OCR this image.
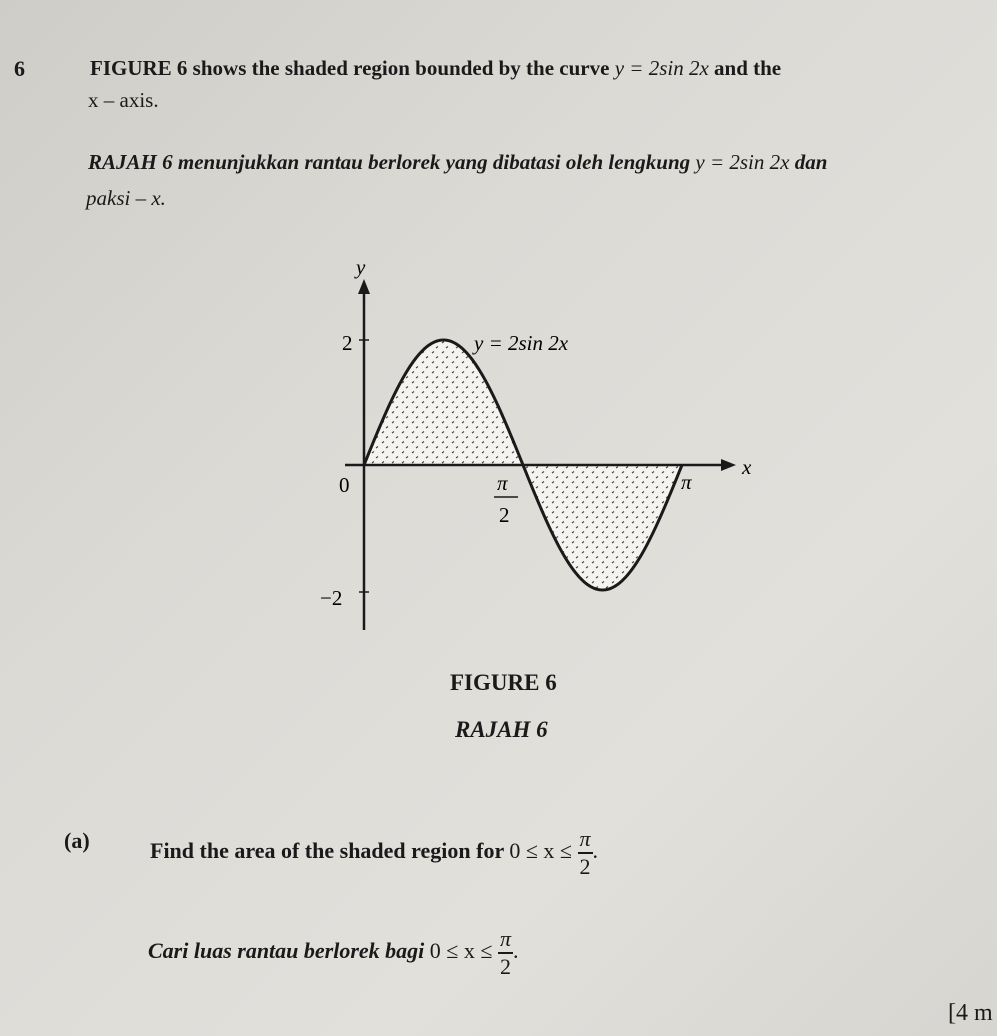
6	FIGURE 6 shows the shaded region bounded by the curve y = 2sin 2x and the
x – axis.
RAJAH 6 menunjukkan rantau berlorek yang dibatasi oleh lengkung y = 2sin 2x dan
paksi – x.
y
x
2
−2
0	π
2
π
y = 2sin 2x
FIGURE 6
RAJAH 6
(a)	Find the area of the shaded region for $0 \le x \le \frac{\pi}{2}$ .
Cari luas rantau berlorek bagi $0 \le x \le \frac{\pi}{2}$ .
[4 m
